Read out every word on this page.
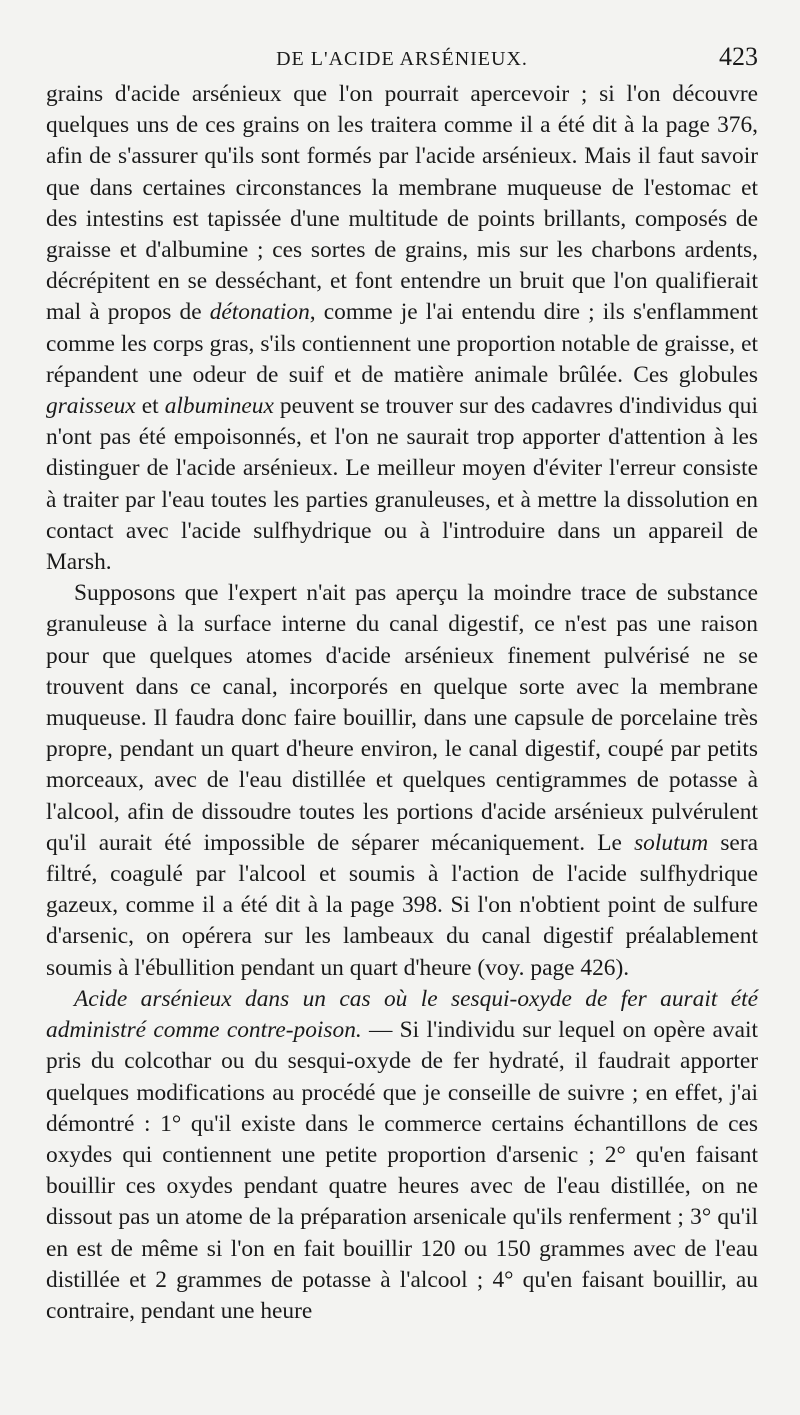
DE L'ACIDE ARSÉNIEUX.	423

grains d'acide arsénieux que l'on pourrait apercevoir ; si l'on découvre quelques uns de ces grains on les traitera comme il a été dit à la page 376, afin de s'assurer qu'ils sont formés par l'acide arsénieux. Mais il faut savoir que dans certaines circonstances la membrane muqueuse de l'estomac et des intestins est tapissée d'une multitude de points brillants, composés de graisse et d'albumine ; ces sortes de grains, mis sur les charbons ardents, décrépitent en se desséchant, et font entendre un bruit que l'on qualifierait mal à propos de détonation, comme je l'ai entendu dire ; ils s'enflamment comme les corps gras, s'ils contiennent une proportion notable de graisse, et répandent une odeur de suif et de matière animale brûlée. Ces globules graisseux et albumineux peuvent se trouver sur des cadavres d'individus qui n'ont pas été empoisonnés, et l'on ne saurait trop apporter d'attention à les distinguer de l'acide arsénieux. Le meilleur moyen d'éviter l'erreur consiste à traiter par l'eau toutes les parties granuleuses, et à mettre la dissolution en contact avec l'acide sulfhydrique ou à l'introduire dans un appareil de Marsh.

Supposons que l'expert n'ait pas aperçu la moindre trace de substance granuleuse à la surface interne du canal digestif, ce n'est pas une raison pour que quelques atomes d'acide arsénieux finement pulvérisé ne se trouvent dans ce canal, incorporés en quelque sorte avec la membrane muqueuse. Il faudra donc faire bouillir, dans une capsule de porcelaine très propre, pendant un quart d'heure environ, le canal digestif, coupé par petits morceaux, avec de l'eau distillée et quelques centigrammes de potasse à l'alcool, afin de dissoudre toutes les portions d'acide arsénieux pulvérulent qu'il aurait été impossible de séparer mécaniquement. Le solutum sera filtré, coagulé par l'alcool et soumis à l'action de l'acide sulfhydrique gazeux, comme il a été dit à la page 398. Si l'on n'obtient point de sulfure d'arsenic, on opérera sur les lambeaux du canal digestif préalablement soumis à l'ébullition pendant un quart d'heure (voy. page 426).

Acide arsénieux dans un cas où le sesqui-oxyde de fer aurait été administré comme contre-poison. — Si l'individu sur lequel on opère avait pris du colcothar ou du sesqui-oxyde de fer hydraté, il faudrait apporter quelques modifications au procédé que je conseille de suivre ; en effet, j'ai démontré : 1° qu'il existe dans le commerce certains échantillons de ces oxydes qui contiennent une petite proportion d'arsenic ; 2° qu'en faisant bouillir ces oxydes pendant quatre heures avec de l'eau distillée, on ne dissout pas un atome de la préparation arsenicale qu'ils renferment ; 3° qu'il en est de même si l'on en fait bouillir 120 ou 150 grammes avec de l'eau distillée et 2 grammes de potasse à l'alcool ; 4° qu'en faisant bouillir, au contraire, pendant une heure
